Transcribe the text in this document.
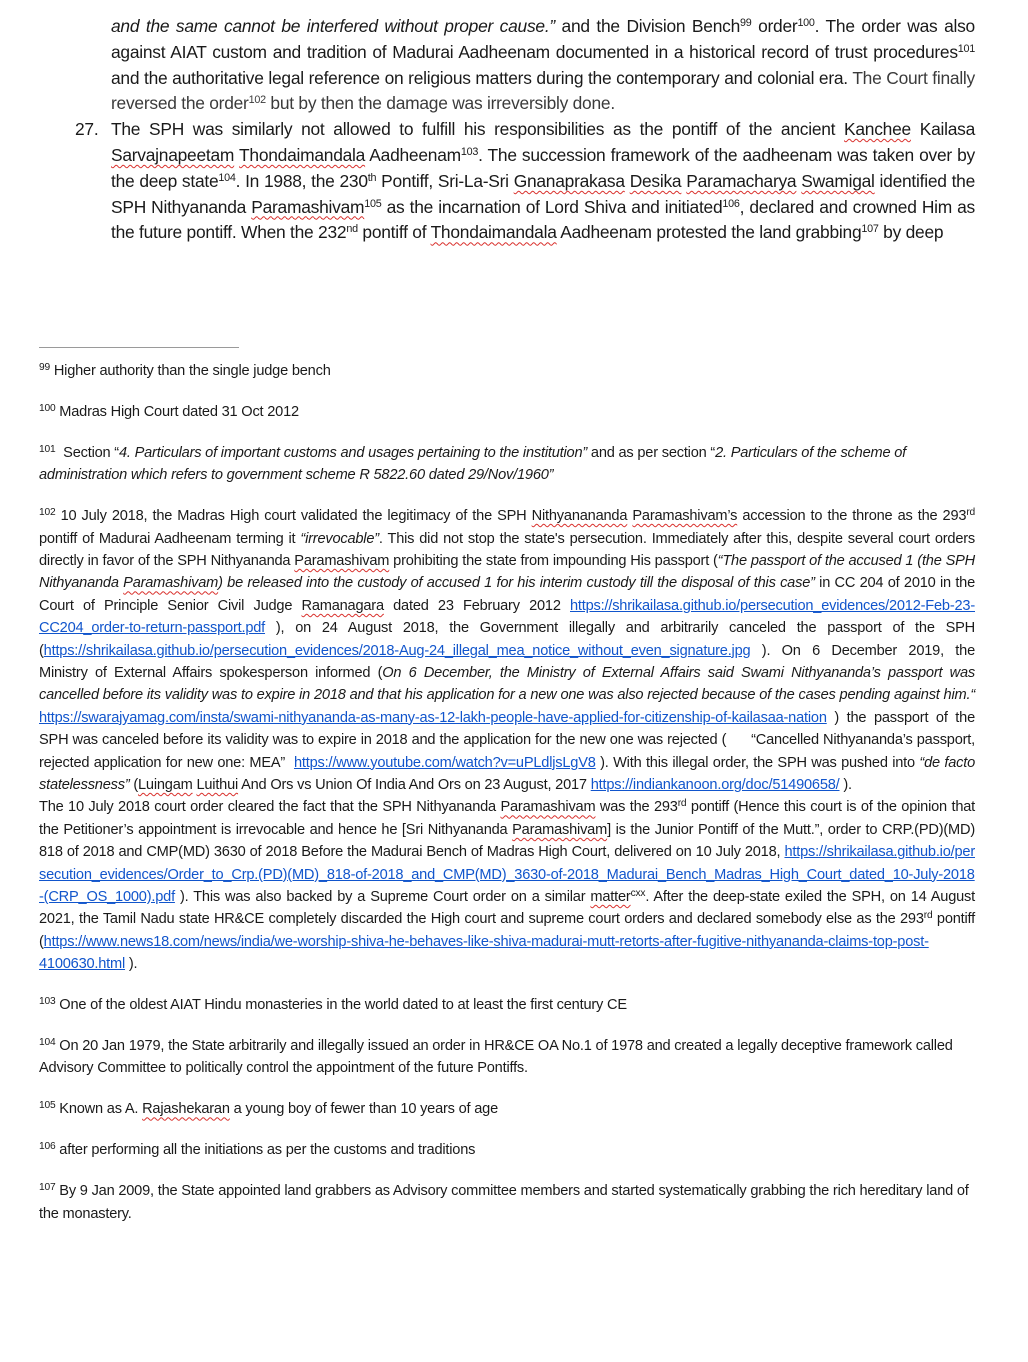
and the same cannot be interfered without proper cause.” and the Division Bench$^{99}$ order$^{100}$. The order was also against AIAT custom and tradition of Madurai Aadheenam documented in a historical record of trust procedures$^{101}$ and the authoritative legal reference on religious matters during the contemporary and colonial era. The Court finally reversed the order$^{102}$ but by then the damage was irreversibly done.

27. The SPH was similarly not allowed to fulfill his responsibilities as the pontiff of the ancient Kanchee Kailasa Sarvajnapeetam Thondaimandala Aadheenam$^{103}$. The succession framework of the aadheenam was taken over by the deep state$^{104}$. In 1988, the 230th Pontiff, Sri-La-Sri Gnanaprakasa Desika Paramacharya Swamigal identified the SPH Nithyananda Paramashivam$^{105}$ as the incarnation of Lord Shiva and initiated$^{106}$, declared and crowned Him as the future pontiff. When the 232nd pontiff of Thondaimandala Aadheenam protested the land grabbing$^{107}$ by deep

$^{99}$ Higher authority than the single judge bench

$^{100}$ Madras High Court dated 31 Oct 2012

$^{101}$  Section “4. Particulars of important customs and usages pertaining to the institution” and as per section “2. Particulars of the scheme of administration which refers to government scheme R 5822.60 dated 29/Nov/1960”

$^{102}$ 10 July 2018, the Madras High court validated the legitimacy of the SPH Nithyanananda Paramashivam’s accession to the throne as the 293rd pontiff of Madurai Aadheenam terming it “irrevocable”. This did not stop the state's persecution. Immediately after this, despite several court orders directly in favor of the SPH Nithyananda Paramashivam prohibiting the state from impounding His passport (“The passport of the accused 1 (the SPH Nithyananda Paramashivam) be released into the custody of accused 1 for his interim custody till the disposal of this case” in CC 204 of 2010 in the Court of Principle Senior Civil Judge Ramanagara dated 23 February 2012 https://shrikailasa.github.io/persecution_evidences/2012-Feb-23-CC204_order-to-return-passport.pdf ), on 24 August 2018, the Government illegally and arbitrarily canceled the passport of the SPH (https://shrikailasa.github.io/persecution_evidences/2018-Aug-24_illegal_mea_notice_without_even_signature.jpg ). On 6 December 2019, the Ministry of External Affairs spokesperson informed (On 6 December, the Ministry of External Affairs said Swami Nithyananda’s passport was cancelled before its validity was to expire in 2018 and that his application for a new one was also rejected because of the cases pending against him.“ https://swarajyamag.com/insta/swami-nithyananda-as-many-as-12-lakh-people-have-applied-for-citizenship-of-kailasaa-nation ) the passport of the SPH was canceled before its validity was to expire in 2018 and the application for the new one was rejected (      “Cancelled Nithyananda’s passport, rejected application for new one: MEA”  https://www.youtube.com/watch?v=uPLdljsLgV8 ). With this illegal order, the SPH was pushed into “de facto statelessness” (Luingam Luithui And Ors vs Union Of India And Ors on 23 August, 2017 https://indiankanoon.org/doc/51490658/ ).
The 10 July 2018 court order cleared the fact that the SPH Nithyananda Paramashivam was the 293rd pontiff (Hence this court is of the opinion that the Petitioner’s appointment is irrevocable and hence he [Sri Nithyananda Paramashivam] is the Junior Pontiff of the Mutt.”, order to CRP.(PD)(MD) 818 of 2018 and CMP(MD) 3630 of 2018 Before the Madurai Bench of Madras High Court, delivered on 10 July 2018, https://shrikailasa.github.io/persecution_evidences/Order_to_Crp.(PD)(MD)_818-of-2018_and_CMP(MD)_3630-of-2018_Madurai_Bench_Madras_High_Court_dated_10-July-2018-(CRP_OS_1000).pdf ). This was also backed by a Supreme Court order on a similar matter$^{cxx}$. After the deep-state exiled the SPH, on 14 August 2021, the Tamil Nadu state HR&CE completely discarded the High court and supreme court orders and declared somebody else as the 293rd pontiff (https://www.news18.com/news/india/we-worship-shiva-he-behaves-like-shiva-madurai-mutt-retorts-after-fugitive-nithyananda-claims-top-post-4100630.html ).

$^{103}$ One of the oldest AIAT Hindu monasteries in the world dated to at least the first century CE

$^{104}$ On 20 Jan 1979, the State arbitrarily and illegally issued an order in HR&CE OA No.1 of 1978 and created a legally deceptive framework called Advisory Committee to politically control the appointment of the future Pontiffs.

$^{105}$ Known as A. Rajashekaran a young boy of fewer than 10 years of age

$^{106}$ after performing all the initiations as per the customs and traditions

$^{107}$ By 9 Jan 2009, the State appointed land grabbers as Advisory committee members and started systematically grabbing the rich hereditary land of the monastery.
